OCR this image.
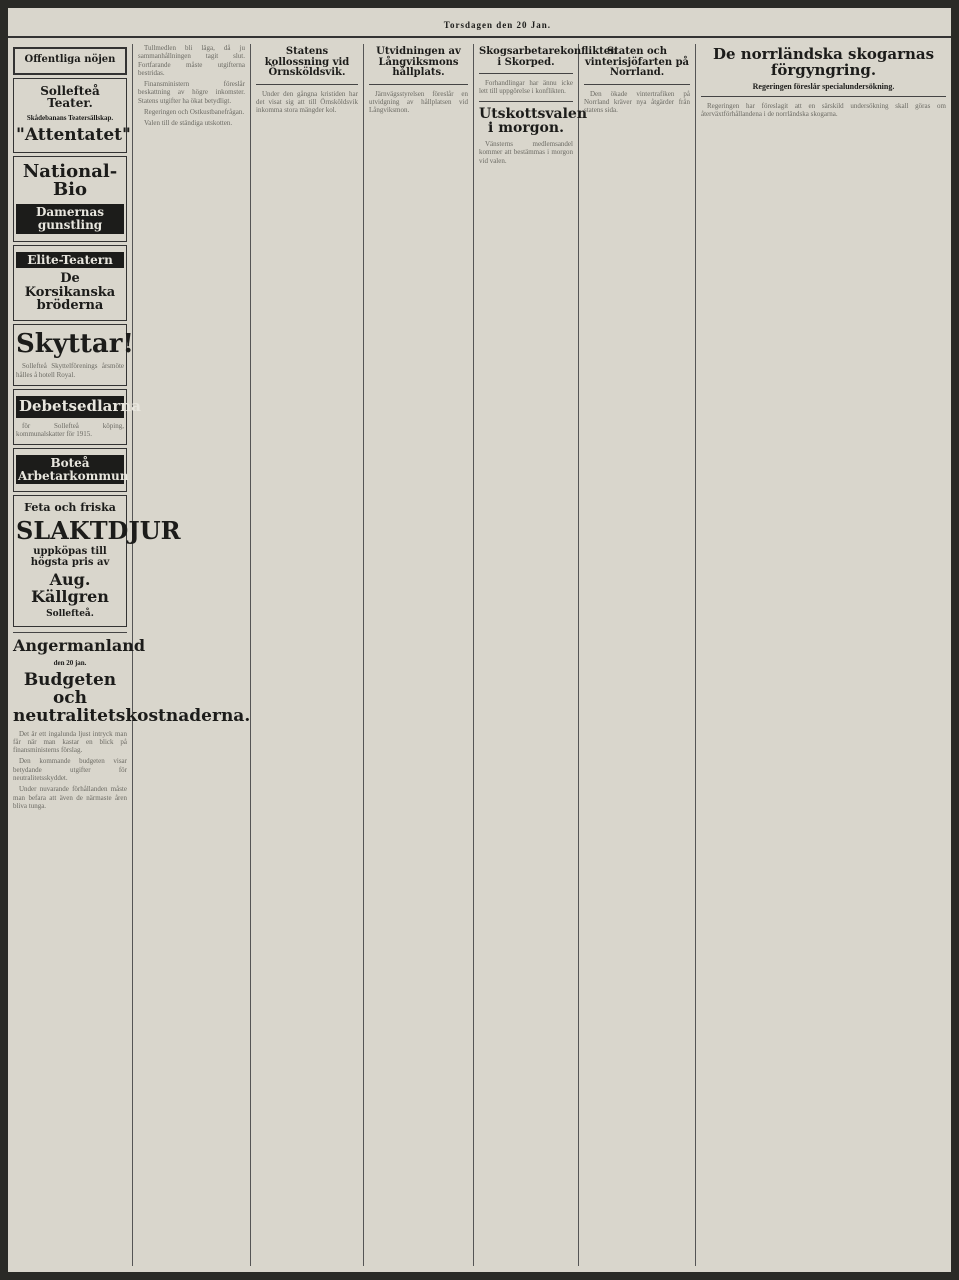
Torsdagen den 20 Jan.
Offentliga nöjen
Sollefteå Teater.
Skådebanans Teatersällskap.
"Attentatet"
National-Bio
Damernas gunstling
Elite-Teatern
De Korsikanska bröderna
Skyttar!

Sollefteå Skyttelförenings årsmöte hålles å hotell Royal.

Debetsedlarna

för Sollefteå köping, kommunalskatter för 1915.

Boteå Arbetarkommun
Feta och friska
SLAKTDJUR
uppköpas till högsta pris av
Aug. Källgren
Sollefteå.
Angermanland
den 20 jan.
Budgeten och neutralitetskostnaderna.

Det är ett ingalunda ljust intryck man får när man kastar en blick på finansministerns förslag.

Den kommande budgeten visar betydande utgifter för neutralitetsskyddet.

Under nuvarande förhållanden måste man befara att även de närmaste åren bliva tunga.

Tullmedlen bli läga, då ju sammanhållningen tagit slut. Fortfarande måste utgifterna bestridas.

Finansministern föreslår beskattning av högre inkomster. Statens utgifter ha ökat betydligt.

Regeringen och Ostkustbanefrågan.

Valen till de ständiga utskotten.

Statens kollossning vid Örnsköldsvik.

Under den gångna kristiden har det visat sig att till Örnsköldsvik inkomma stora mängder kol.

Utvidningen av Långviksmons hållplats.

Järnvägsstyrelsen föreslår en utvidgning av hållplatsen vid Långviksmon.

Skogsarbetarekonflikten i Skorped.

Forhandlingar har ännu icke lett till uppgörelse i konflikten.

Utskottsvalen i morgon.

Vänsterns medlemsandel kommer att bestämmas i morgon vid valen.

Staten och vinterisjöfarten på Norrland.

Den ökade vintertrafiken på Norrland kräver nya åtgärder från statens sida.

De norrländska skogarnas förgyngring.
Regeringen föreslår specialundersökning.

Regeringen har föreslagit att en särskild undersökning skall göras om återväxtförhållandena i de norrländska skogarna.
